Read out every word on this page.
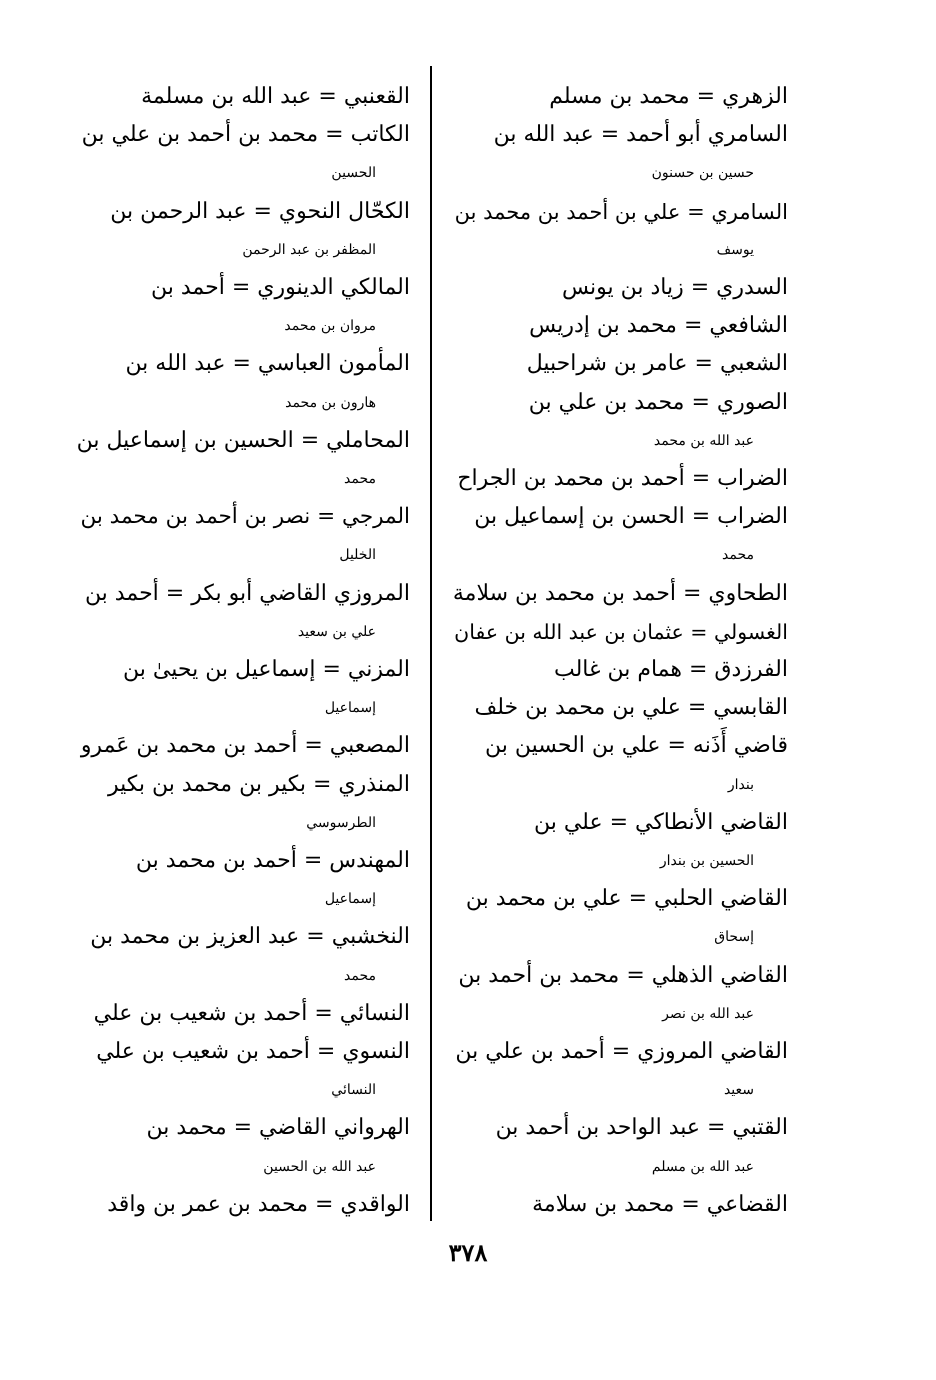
الزهري = محمد بن مسلم
السامري أبو أحمد = عبد الله بن
حسين بن حسنون
السامري = علي بن أحمد بن محمد بن
يوسف
السدري = زياد بن يونس
الشافعي = محمد بن إدريس
الشعبي = عامر بن شراحبيل
الصوري = محمد بن علي بن
عبد الله بن محمد
الضراب = أحمد بن محمد بن الجراح
الضراب = الحسن بن إسماعيل بن
محمد
الطحاوي = أحمد بن محمد بن سلامة
الغسولي = عثمان بن عبد الله بن عفان
الفرزدق = همام بن غالب
القابسي = علي بن محمد بن خلف
قاضي أَذَنه = علي بن الحسين بن
بندار
القاضي الأنطاكي = علي بن
الحسين بن بندار
القاضي الحلبي = علي بن محمد بن
إسحاق
القاضي الذهلي = محمد بن أحمد بن
عبد الله بن نصر
القاضي المروزي = أحمد بن علي بن
سعيد
القتبي = عبد الواحد بن أحمد بن
عبد الله بن مسلم
القضاعي = محمد بن سلامة
القعنبي = عبد الله بن مسلمة
الكاتب = محمد بن أحمد بن علي بن
الحسين
الكحّال النحوي = عبد الرحمن بن
المظفر بن عبد الرحمن
المالكي الدينوري = أحمد بن
مروان بن محمد
المأمون العباسي = عبد الله بن
هارون بن محمد
المحاملي = الحسين بن إسماعيل بن
محمد
المرجي = نصر بن أحمد بن محمد بن
الخليل
المروزي القاضي أبو بكر = أحمد بن
علي بن سعيد
المزني = إسماعيل بن يحيىٰ بن
إسماعيل
المصعبي = أحمد بن محمد بن عَمرو
المنذري = بكير بن محمد بن بكير
الطرسوسي
المهندس = أحمد بن محمد بن
إسماعيل
النخشبي = عبد العزيز بن محمد بن
محمد
النسائي = أحمد بن شعيب بن علي
النسوي = أحمد بن شعيب بن علي
النسائي
الهرواني القاضي = محمد بن
عبد الله بن الحسين
الواقدي = محمد بن عمر بن واقد
٣٧٨
